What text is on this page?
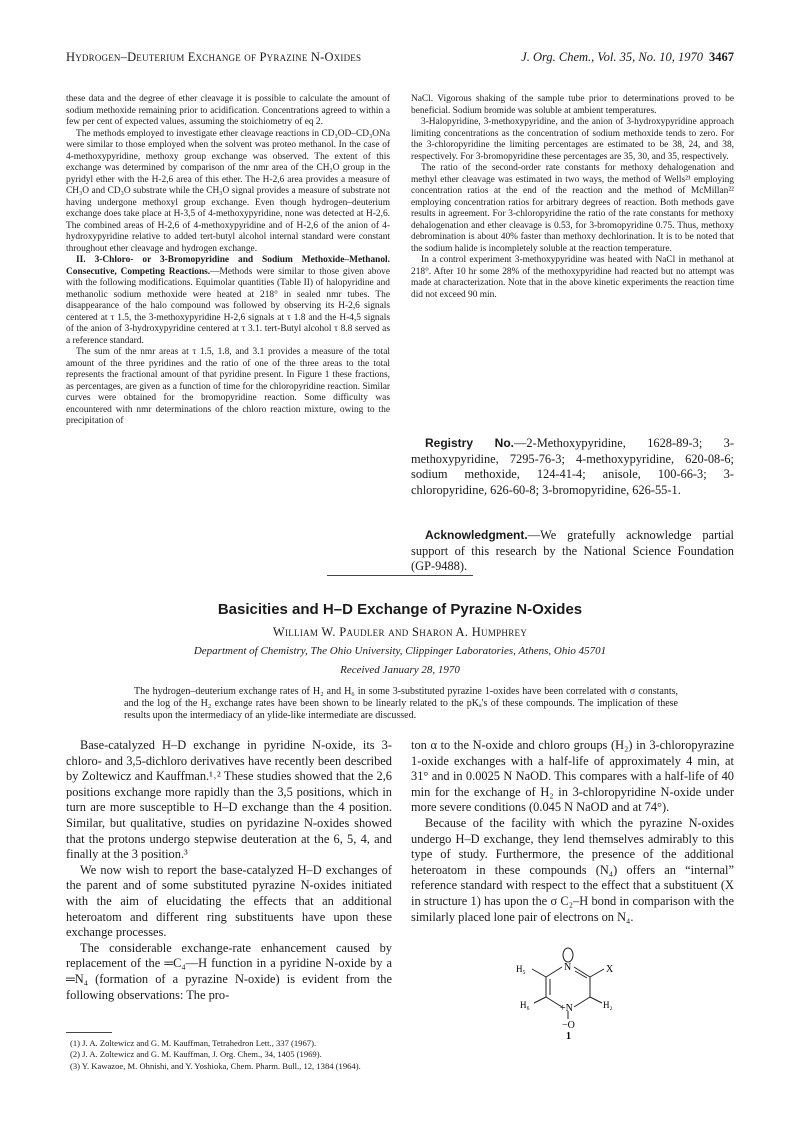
Hydrogen–Deuterium Exchange of Pyrazine N-Oxides	J. Org. Chem., Vol. 35, No. 10, 1970 3467

these data and the degree of ether cleavage it is possible to calculate the amount of sodium methoxide remaining prior to acidification. Concentrations agreed to within a few per cent of expected values, assuming the stoichiometry of eq 2.

The methods employed to investigate ether cleavage reactions in CD₃OD–CD₃ONa were similar to those employed when the solvent was proteo methanol. In the case of 4-methoxypyridine, methoxy group exchange was observed. The extent of this exchange was determined by comparison of the nmr area of the CH₃O group in the pyridyl ether with the H-2,6 area of this ether. The H-2,6 area provides a measure of CH₃O and CD₃O substrate while the CH₃O signal provides a measure of substrate not having undergone methoxyl group exchange. Even though hydrogen–deuterium exchange does take place at H-3,5 of 4-methoxypyridine, none was detected at H-2,6. The combined areas of H-2,6 of 4-methoxypyridine and of H-2,6 of the anion of 4-hydroxypyridine relative to added tert-butyl alcohol internal standard were constant throughout ether cleavage and hydrogen exchange.

II. 3-Chloro- or 3-Bromopyridine and Sodium Methoxide–Methanol. Consecutive, Competing Reactions.—Methods were similar to those given above with the following modifications. Equimolar quantities (Table II) of halopyridine and methanolic sodium methoxide were heated at 218° in sealed nmr tubes. The disappearance of the halo compound was followed by observing its H-2,6 signals centered at τ 1.5, the 3-methoxypyridine H-2,6 signals at τ 1.8 and the H-4,5 signals of the anion of 3-hydroxypyridine centered at τ 3.1. tert-Butyl alcohol τ 8.8 served as a reference standard.

The sum of the nmr areas at τ 1.5, 1.8, and 3.1 provides a measure of the total amount of the three pyridines and the ratio of one of the three areas to the total represents the fractional amount of that pyridine present. In Figure 1 these fractions, as percentages, are given as a function of time for the chloropyridine reaction. Similar curves were obtained for the bromopyridine reaction. Some difficulty was encountered with nmr determinations of the chloro reaction mixture, owing to the precipitation of

NaCl. Vigorous shaking of the sample tube prior to determinations proved to be beneficial. Sodium bromide was soluble at ambient temperatures.

3-Halopyridine, 3-methoxypyridine, and the anion of 3-hydroxypyridine approach limiting concentrations as the concentration of sodium methoxide tends to zero. For the 3-chloropyridine the limiting percentages are estimated to be 38, 24, and 38, respectively. For 3-bromopyridine these percentages are 35, 30, and 35, respectively.

The ratio of the second-order rate constants for methoxy dehalogenation and methyl ether cleavage was estimated in two ways, the method of Wells²¹ employing concentration ratios at the end of the reaction and the method of McMillan²² employing concentration ratios for arbitrary degrees of reaction. Both methods gave results in agreement. For 3-chloropyridine the ratio of the rate constants for methoxy dehalogenation and ether cleavage is 0.53, for 3-bromopyridine 0.75. Thus, methoxy debromination is about 40% faster than methoxy dechlorination. It is to be noted that the sodium halide is incompletely soluble at the reaction temperature.

In a control experiment 3-methoxypyridine was heated with NaCl in methanol at 218°. After 10 hr some 28% of the methoxypyridine had reacted but no attempt was made at characterization. Note that in the above kinetic experiments the reaction time did not exceed 90 min.

Registry No.—2-Methoxypyridine, 1628-89-3; 3-methoxypyridine, 7295-76-3; 4-methoxypyridine, 620-08-6; sodium methoxide, 124-41-4; anisole, 100-66-3; 3-chloropyridine, 626-60-8; 3-bromopyridine, 626-55-1.

Acknowledgment.—We gratefully acknowledge partial support of this research by the National Science Foundation (GP-9488).

Basicities and H–D Exchange of Pyrazine N-Oxides
William W. Paudler and Sharon A. Humphrey
Department of Chemistry, The Ohio University, Clippinger Laboratories, Athens, Ohio 45701
Received January 28, 1970
The hydrogen–deuterium exchange rates of H₂ and H₆ in some 3-substituted pyrazine 1-oxides have been correlated with σ constants, and the log of the H₂ exchange rates have been shown to be linearly related to the pKₐ's of these compounds. The implication of these results upon the intermediacy of an ylide-like intermediate are discussed.

Base-catalyzed H–D exchange in pyridine N-oxide, its 3-chloro- and 3,5-dichloro derivatives have recently been described by Zoltewicz and Kauffman.¹˒² These studies showed that the 2,6 positions exchange more rapidly than the 3,5 positions, which in turn are more susceptible to H–D exchange than the 4 position. Similar, but qualitative, studies on pyridazine N-oxides showed that the protons undergo stepwise deuteration at the 6, 5, 4, and finally at the 3 position.³

We now wish to report the base-catalyzed H–D exchanges of the parent and of some substituted pyrazine N-oxides initiated with the aim of elucidating the effects that an additional heteroatom and different ring substituents have upon these exchange processes.

The considerable exchange-rate enhancement caused by replacement of the ═C₄—H function in a pyridine N-oxide by a ═N₄ (formation of a pyrazine N-oxide) is evident from the following observations: The pro-

ton α to the N-oxide and chloro groups (H₂) in 3-chloropyrazine 1-oxide exchanges with a half-life of approximately 4 min, at 31° and in 0.0025 N NaOD. This compares with a half-life of 40 min for the exchange of H₂ in 3-chloropyridine N-oxide under more severe conditions (0.045 N NaOD and at 74°).

Because of the facility with which the pyrazine N-oxides undergo H–D exchange, they lend themselves admirably to this type of study. Furthermore, the presence of the additional heteroatom in these compounds (N₄) offers an “internal” reference standard with respect to the effect that a substituent (X in structure 1) has upon the σ C₂–H bond in comparison with the similarly placed lone pair of electrons on N₄.

H₅	N	X
H₆	+N	H₂
−O
1

(1) J. A. Zoltewicz and G. M. Kauffman, Tetrahedron Lett., 337 (1967).

(2) J. A. Zoltewicz and G. M. Kauffman, J. Org. Chem., 34, 1405 (1969).

(3) Y. Kawazoe, M. Ohnishi, and Y. Yoshioka, Chem. Pharm. Bull., 12, 1384 (1964).
